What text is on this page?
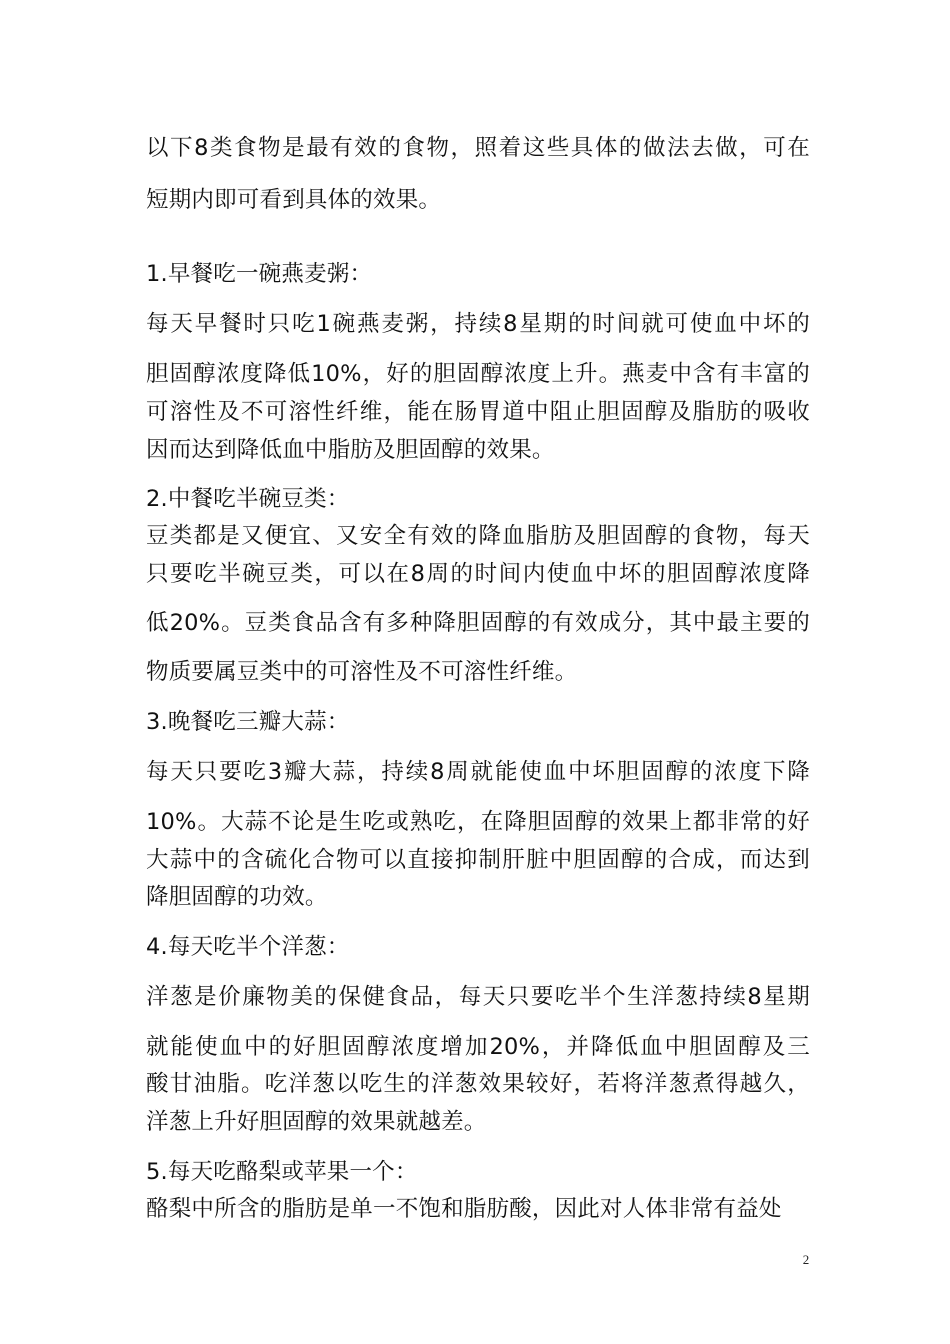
以下8类食物是最有效的食物，照着这些具体的做法去做，可在
短期内即可看到具体的效果。
1.早餐吃一碗燕麦粥：
每天早餐时只吃1碗燕麦粥，持续8星期的时间就可使血中坏的
胆固醇浓度降低10%，好的胆固醇浓度上升。燕麦中含有丰富的
可溶性及不可溶性纤维，能在肠胃道中阻止胆固醇及脂肪的吸收
因而达到降低血中脂肪及胆固醇的效果。
2.中餐吃半碗豆类：
豆类都是又便宜、又安全有效的降血脂肪及胆固醇的食物，每天
只要吃半碗豆类，可以在8周的时间内使血中坏的胆固醇浓度降
低20%。豆类食品含有多种降胆固醇的有效成分，其中最主要的
物质要属豆类中的可溶性及不可溶性纤维。
3.晚餐吃三瓣大蒜：
每天只要吃3瓣大蒜，持续8周就能使血中坏胆固醇的浓度下降
10%。大蒜不论是生吃或熟吃，在降胆固醇的效果上都非常的好
大蒜中的含硫化合物可以直接抑制肝脏中胆固醇的合成，而达到
降胆固醇的功效。
4.每天吃半个洋葱：
洋葱是价廉物美的保健食品，每天只要吃半个生洋葱持续8星期
就能使血中的好胆固醇浓度增加20%，并降低血中胆固醇及三
酸甘油脂。吃洋葱以吃生的洋葱效果较好，若将洋葱煮得越久，
洋葱上升好胆固醇的效果就越差。
5.每天吃酪梨或苹果一个：
酪梨中所含的脂肪是单一不饱和脂肪酸，因此对人体非常有益处
2
